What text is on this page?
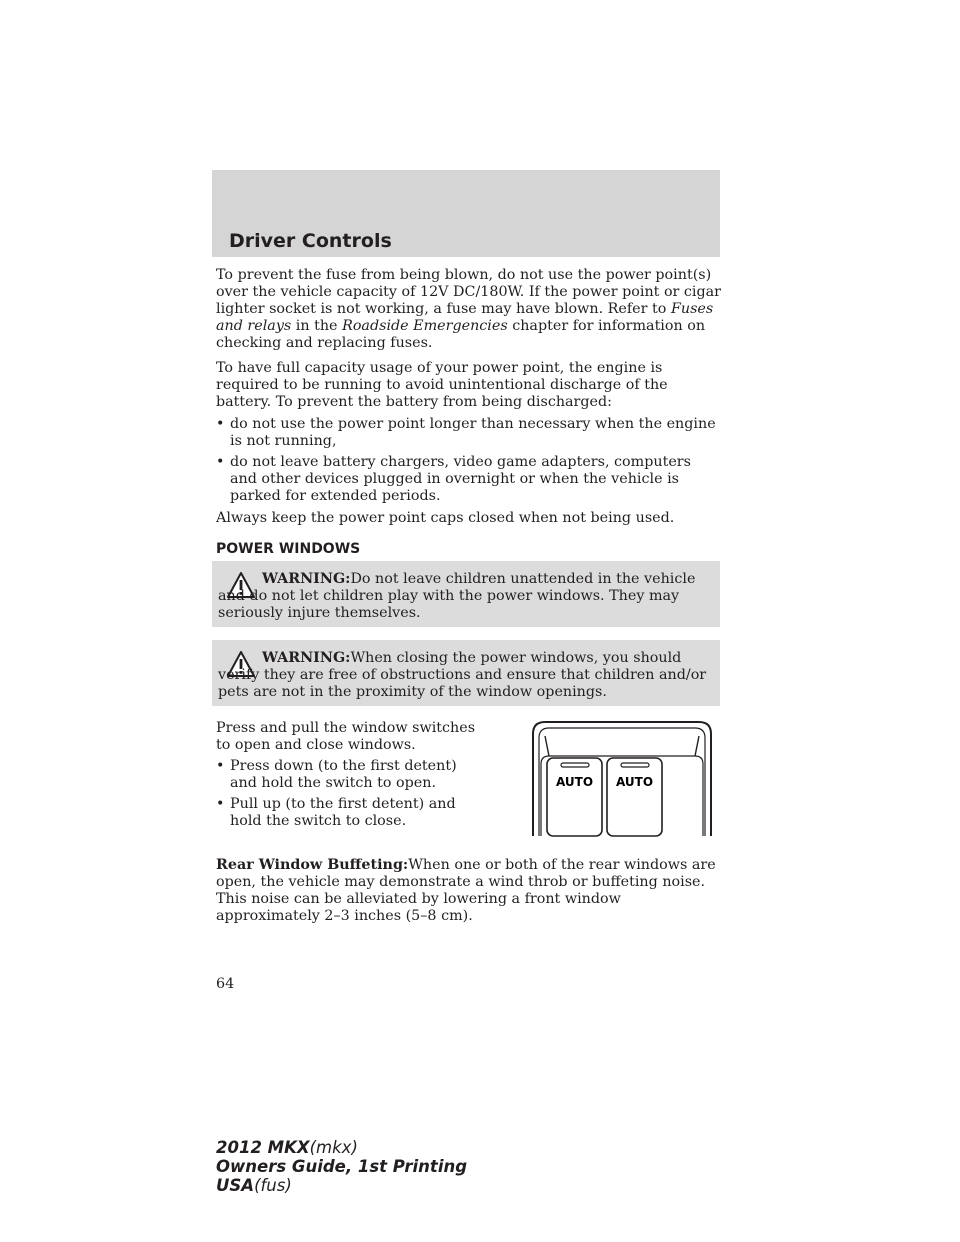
Driver Controls

To prevent the fuse from being blown, do not use the power point(s) over the vehicle capacity of 12V DC/180W. If the power point or cigar lighter socket is not working, a fuse may have blown. Refer to Fuses and relays in the Roadside Emergencies chapter for information on checking and replacing fuses.

To have full capacity usage of your power point, the engine is required to be running to avoid unintentional discharge of the battery. To prevent the battery from being discharged:

• do not use the power point longer than necessary when the engine is not running,
• do not leave battery chargers, video game adapters, computers and other devices plugged in overnight or when the vehicle is parked for extended periods.

Always keep the power point caps closed when not being used.

POWER WINDOWS
WARNING:Do not leave children unattended in the vehicle and do not let children play with the power windows. They may seriously injure themselves.
WARNING:When closing the power windows, you should verify they are free of obstructions and ensure that children and/or pets are not in the proximity of the window openings.

Press and pull the window switches to open and close windows.

• Press down (to the first detent) and hold the switch to open.
• Pull up (to the first detent) and hold the switch to close.
AUTO AUTO

Rear Window Buffeting:When one or both of the rear windows are open, the vehicle may demonstrate a wind throb or buffeting noise. This noise can be alleviated by lowering a front window approximately 2–3 inches (5–8 cm).

64
2012 MKX(mkx)
Owners Guide, 1st Printing
USA(fus)
